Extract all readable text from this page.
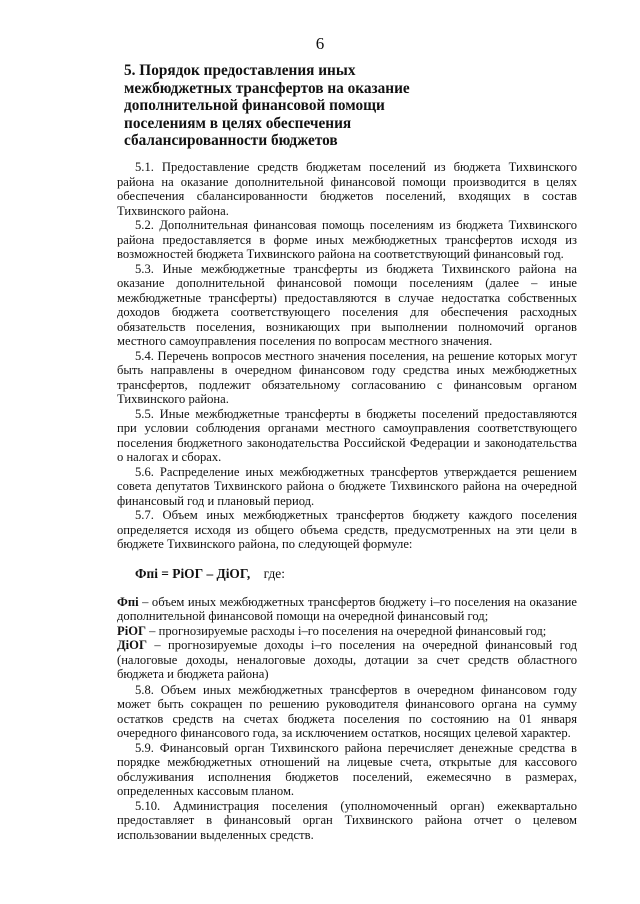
6
5. Порядок предоставления иных
межбюджетных трансфертов на оказание
дополнительной финансовой помощи
поселениям в целях обеспечения
сбалансированности бюджетов

5.1. Предоставление средств бюджетам поселений из бюджета Тихвинского района на оказание дополнительной финансовой помощи производится в целях обеспечения сбалансированности бюджетов поселений, входящих в состав Тихвинского района.

5.2. Дополнительная финансовая помощь поселениям из бюджета Тихвинского района предоставляется в форме иных межбюджетных трансфертов исходя из возможностей бюджета Тихвинского района на соответствующий финансовый год.

5.3. Иные межбюджетные трансферты из бюджета Тихвинского района на оказание дополнительной финансовой помощи поселениям (далее – иные межбюджетные трансферты) предоставляются в случае недостатка собственных доходов бюджета соответствующего поселения для обеспечения расходных обязательств поселения, возникающих при выполнении полномочий органов местного самоуправления поселения по вопросам местного значения.

5.4. Перечень вопросов местного значения поселения, на решение которых могут быть направлены в очередном финансовом году средства иных межбюджетных трансфертов, подлежит обязательному согласованию с финансовым органом Тихвинского района.

5.5. Иные межбюджетные трансферты в бюджеты поселений предоставляются при условии соблюдения органами местного самоуправления соответствующего поселения бюджетного законодательства Российской Федерации и законодательства о налогах и сборах.

5.6. Распределение иных межбюджетных трансфертов утверждается решением совета депутатов Тихвинского района о бюджете Тихвинского района на очередной финансовый год и плановый период.

5.7. Объем иных межбюджетных трансфертов бюджету каждого поселения определяется исходя из общего объема средств, предусмотренных на эти цели в бюджете Тихвинского района, по следующей формуле:

Фпi = РiОГ – ДiОГ, где:

Фпi – объем иных межбюджетных трансфертов бюджету i–го поселения на оказание дополнительной финансовой помощи на очередной финансовый год;

РiОГ – прогнозируемые расходы i–го поселения на очередной финансовый год;

ДiОГ – прогнозируемые доходы i–го поселения на очередной финансовый год (налоговые доходы, неналоговые доходы, дотации за счет средств областного бюджета и бюджета района)

5.8. Объем иных межбюджетных трансфертов в очередном финансовом году может быть сокращен по решению руководителя финансового органа на сумму остатков средств на счетах бюджета поселения по состоянию на 01 января очередного финансового года, за исключением остатков, носящих целевой характер.

5.9. Финансовый орган Тихвинского района перечисляет денежные средства в порядке межбюджетных отношений на лицевые счета, открытые для кассового обслуживания исполнения бюджетов поселений, ежемесячно в размерах, определенных кассовым планом.

5.10. Администрация поселения (уполномоченный орган) ежеквартально предоставляет в финансовый орган Тихвинского района отчет о целевом использовании выделенных средств.
